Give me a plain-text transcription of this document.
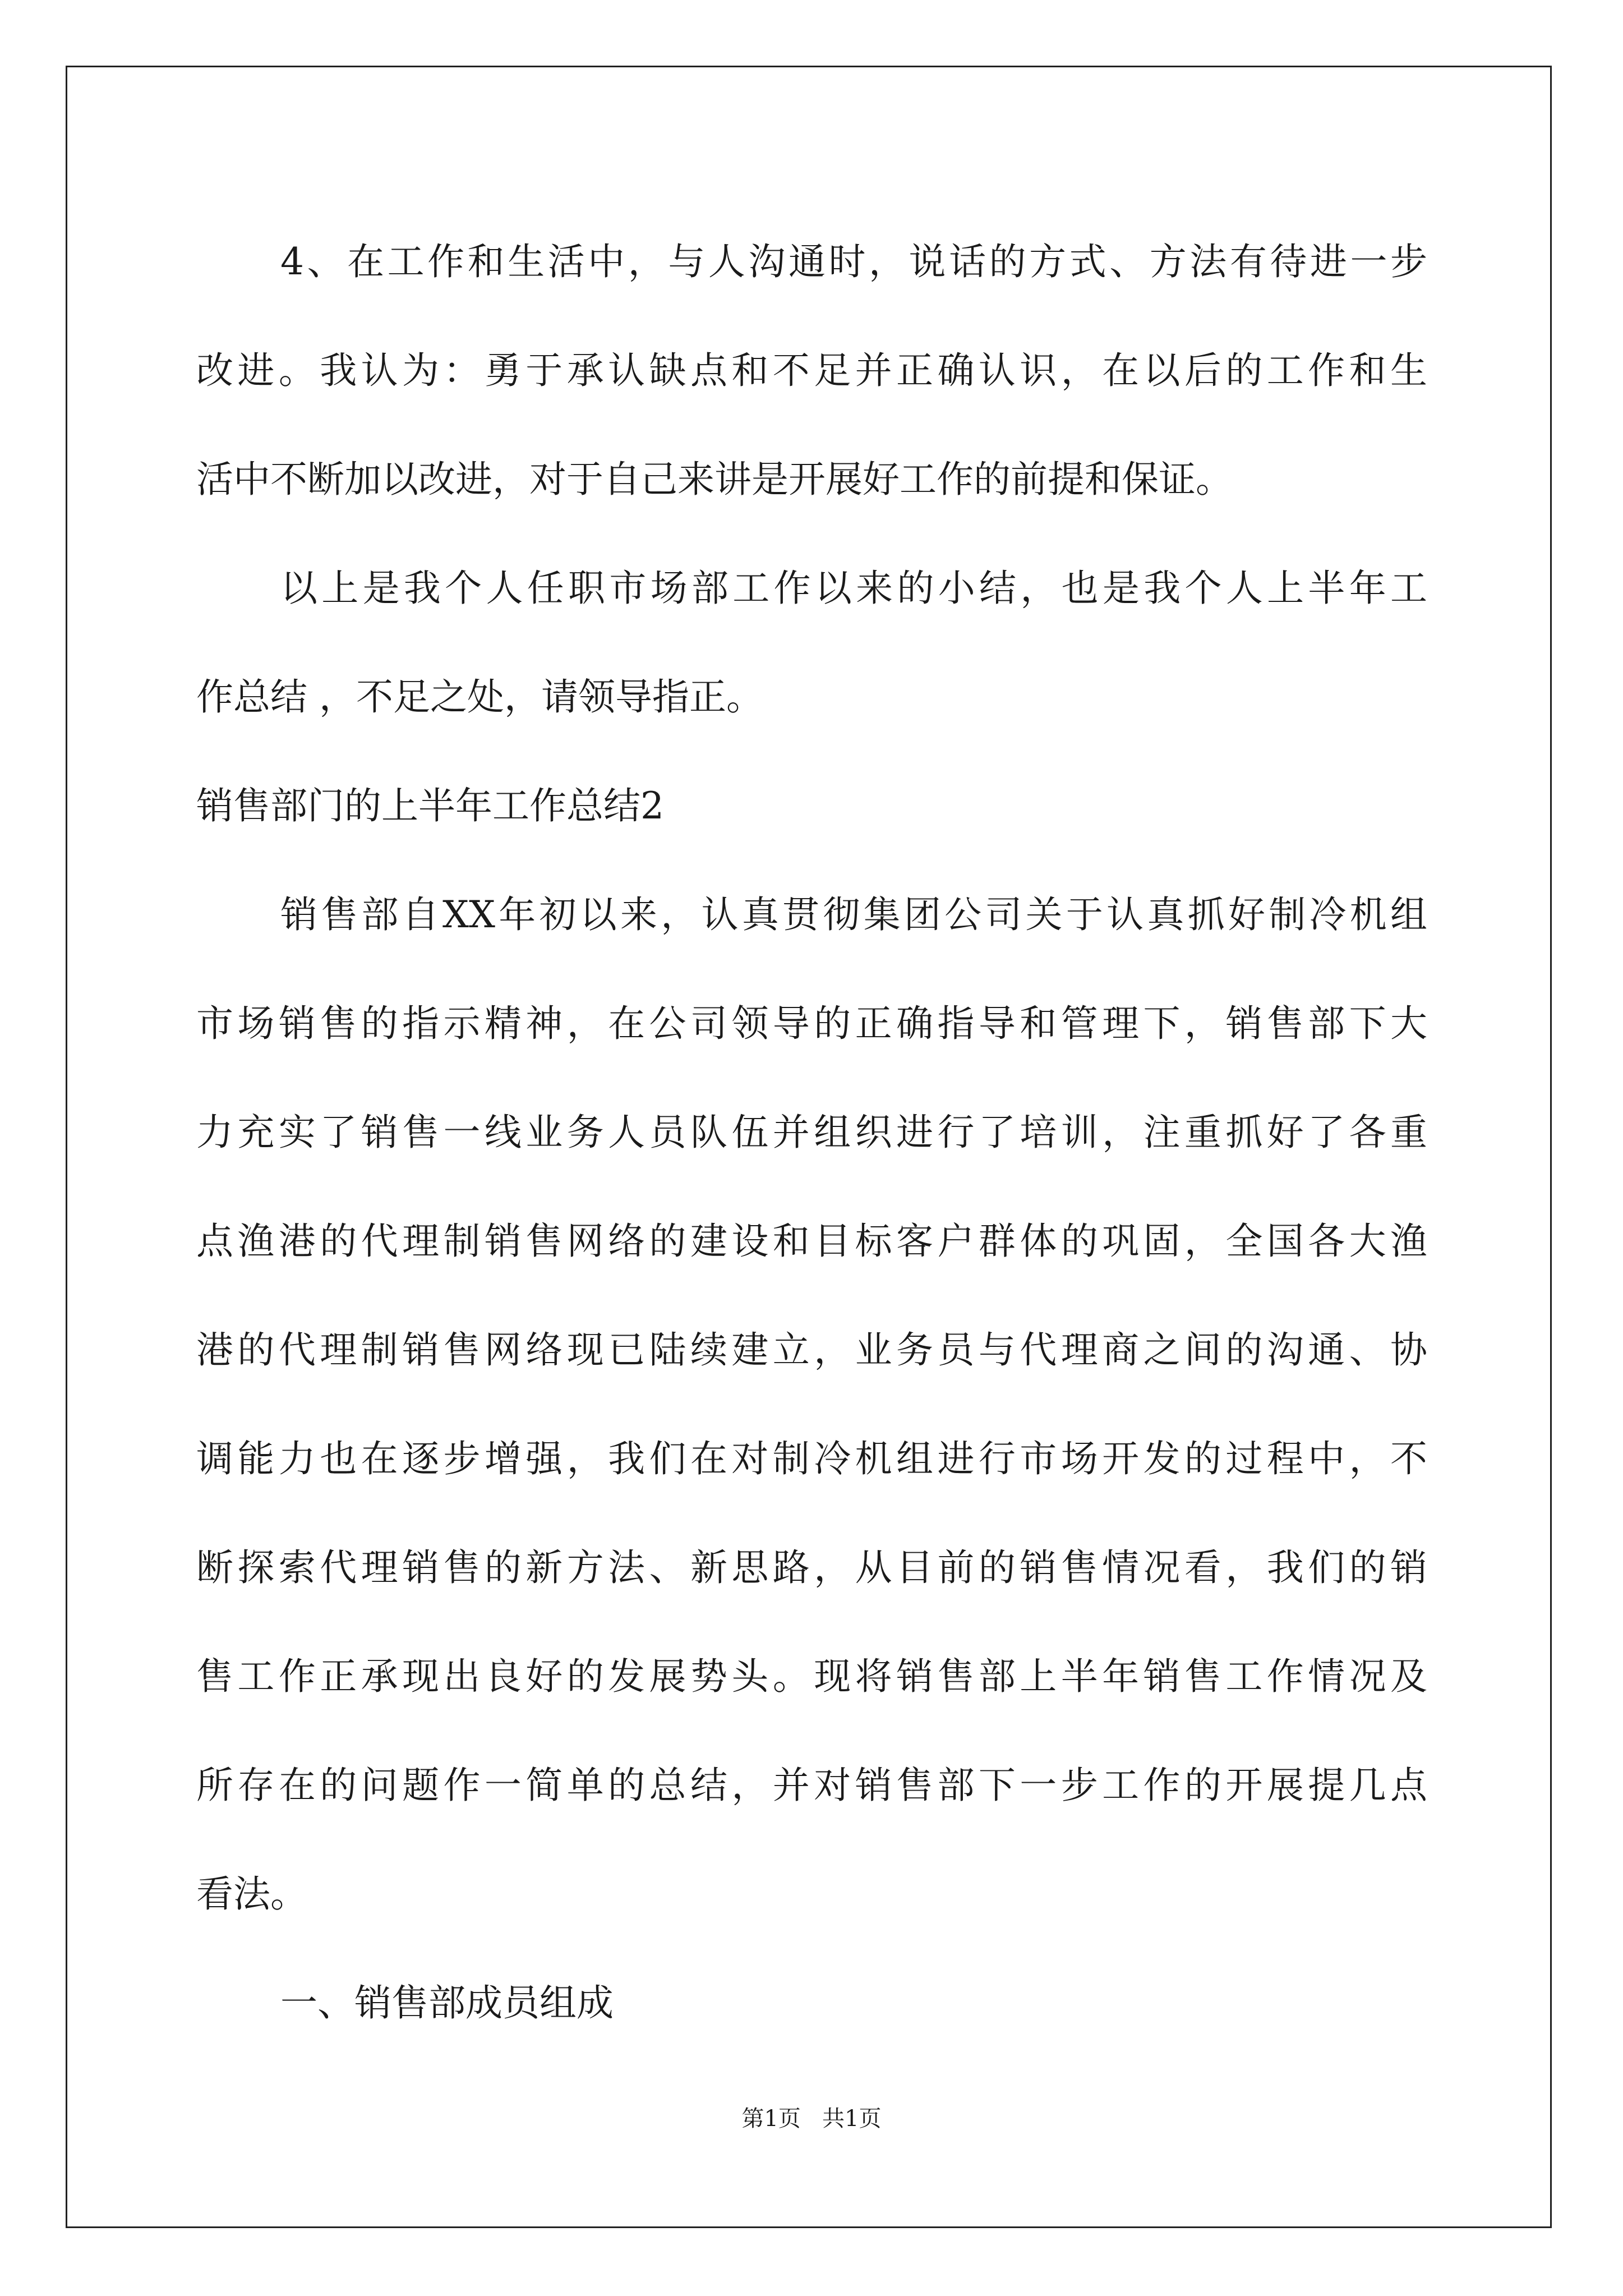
4、在工作和生活中，与人沟通时，说话的方式、方法有待进一步
改进。我认为：勇于承认缺点和不足并正确认识，在以后的工作和生
活中不断加以改进，对于自己来讲是开展好工作的前提和保证。
以上是我个人任职市场部工作以来的小结，也是我个人上半年工
作总结 ，不足之处，请领导指正。
销售部门的上半年工作总结2
销售部自XX年初以来，认真贯彻集团公司关于认真抓好制冷机组
市场销售的指示精神，在公司领导的正确指导和管理下，销售部下大
力充实了销售一线业务人员队伍并组织进行了培训，注重抓好了各重
点渔港的代理制销售网络的建设和目标客户群体的巩固，全国各大渔
港的代理制销售网络现已陆续建立，业务员与代理商之间的沟通、协
调能力也在逐步增强，我们在对制冷机组进行市场开发的过程中，不
断探索代理销售的新方法、新思路，从目前的销售情况看，我们的销
售工作正承现出良好的发展势头。现将销售部上半年销售工作情况及
所存在的问题作一简单的总结，并对销售部下一步工作的开展提几点
看法。
一、销售部成员组成
第1页   共1页
